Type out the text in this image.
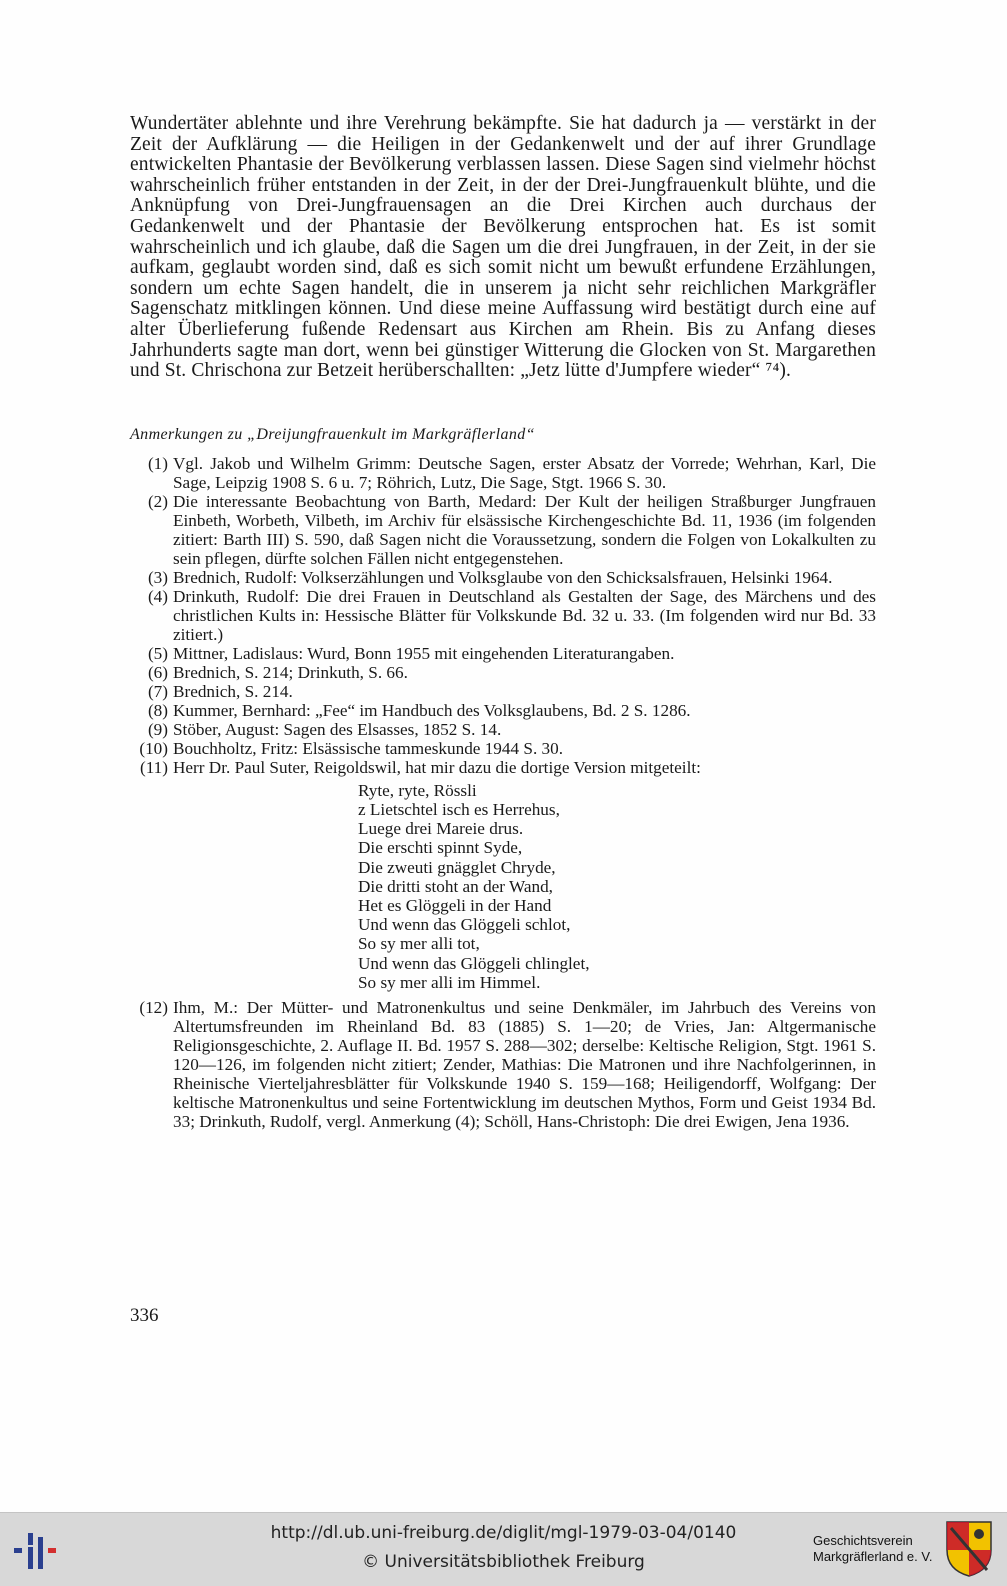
Wundertäter ablehnte und ihre Verehrung bekämpfte. Sie hat dadurch ja — verstärkt in der Zeit der Aufklärung — die Heiligen in der Gedankenwelt und der auf ihrer Grundlage entwickelten Phantasie der Bevölkerung verblassen lassen. Diese Sagen sind vielmehr höchst wahrscheinlich früher entstanden in der Zeit, in der der Drei-Jungfrauenkult blühte, und die Anknüpfung von Drei-Jungfrauensagen an die Drei Kirchen auch durchaus der Gedankenwelt und der Phantasie der Bevölkerung entsprochen hat. Es ist somit wahrscheinlich und ich glaube, daß die Sagen um die drei Jungfrauen, in der Zeit, in der sie aufkam, geglaubt worden sind, daß es sich somit nicht um bewußt erfundene Erzählungen, sondern um echte Sagen handelt, die in unserem ja nicht sehr reichlichen Markgräfler Sagenschatz mitklingen können. Und diese meine Auffassung wird bestätigt durch eine auf alter Überlieferung fußende Redensart aus Kirchen am Rhein. Bis zu Anfang dieses Jahrhunderts sagte man dort, wenn bei günstiger Witterung die Glocken von St. Margarethen und St. Chrischona zur Betzeit herüberschallten: „Jetz lütte d'Jumpfere wieder“ ⁷⁴).

Anmerkungen zu „Dreijungfrauenkult im Markgräflerland“
(1) Vgl. Jakob und Wilhelm Grimm: Deutsche Sagen, erster Absatz der Vorrede; Wehrhan, Karl, Die Sage, Leipzig 1908 S. 6 u. 7; Röhrich, Lutz, Die Sage, Stgt. 1966 S. 30.
(2) Die interessante Beobachtung von Barth, Medard: Der Kult der heiligen Straßburger Jungfrauen Einbeth, Worbeth, Vilbeth, im Archiv für elsässische Kirchengeschichte Bd. 11, 1936 (im folgenden zitiert: Barth III) S. 590, daß Sagen nicht die Voraussetzung, sondern die Folgen von Lokalkulten zu sein pflegen, dürfte solchen Fällen nicht entgegenstehen.
(3) Brednich, Rudolf: Volkserzählungen und Volksglaube von den Schicksalsfrauen, Helsinki 1964.
(4) Drinkuth, Rudolf: Die drei Frauen in Deutschland als Gestalten der Sage, des Märchens und des christlichen Kults in: Hessische Blätter für Volkskunde Bd. 32 u. 33. (Im folgenden wird nur Bd. 33 zitiert.)
(5) Mittner, Ladislaus: Wurd, Bonn 1955 mit eingehenden Literaturangaben.
(6) Brednich, S. 214; Drinkuth, S. 66.
(7) Brednich, S. 214.
(8) Kummer, Bernhard: „Fee“ im Handbuch des Volksglaubens, Bd. 2 S. 1286.
(9) Stöber, August: Sagen des Elsasses, 1852 S. 14.
(10) Bouchholtz, Fritz: Elsässische tammeskunde 1944 S. 30.
(11) Herr Dr. Paul Suter, Reigoldswil, hat mir dazu die dortige Version mitgeteilt:
Ryte, ryte, Rössli
z Lietschtel isch es Herrehus,
Luege drei Mareie drus.
Die erschti spinnt Syde,
Die zweuti gnägglet Chryde,
Die dritti stoht an der Wand,
Het es Glöggeli in der Hand
Und wenn das Glöggeli schlot,
So sy mer alli tot,
Und wenn das Glöggeli chlinglet,
So sy mer alli im Himmel.
(12) Ihm, M.: Der Mütter- und Matronenkultus und seine Denkmäler, im Jahrbuch des Vereins von Altertumsfreunden im Rheinland Bd. 83 (1885) S. 1—20; de Vries, Jan: Altgermanische Religionsgeschichte, 2. Auflage II. Bd. 1957 S. 288—302; derselbe: Keltische Religion, Stgt. 1961 S. 120—126, im folgenden nicht zitiert; Zender, Mathias: Die Matronen und ihre Nachfolgerinnen, in Rheinische Vierteljahresblätter für Volkskunde 1940 S. 159—168; Heiligendorff, Wolfgang: Der keltische Matronenkultus und seine Fortentwicklung im deutschen Mythos, Form und Geist 1934 Bd. 33; Drinkuth, Rudolf, vergl. Anmerkung (4); Schöll, Hans-Christoph: Die drei Ewigen, Jena 1936.
336
http://dl.ub.uni-freiburg.de/diglit/mgl-1979-03-04/0140
© Universitätsbibliothek Freiburg
Geschichtsverein
Markgräflerland e. V.
